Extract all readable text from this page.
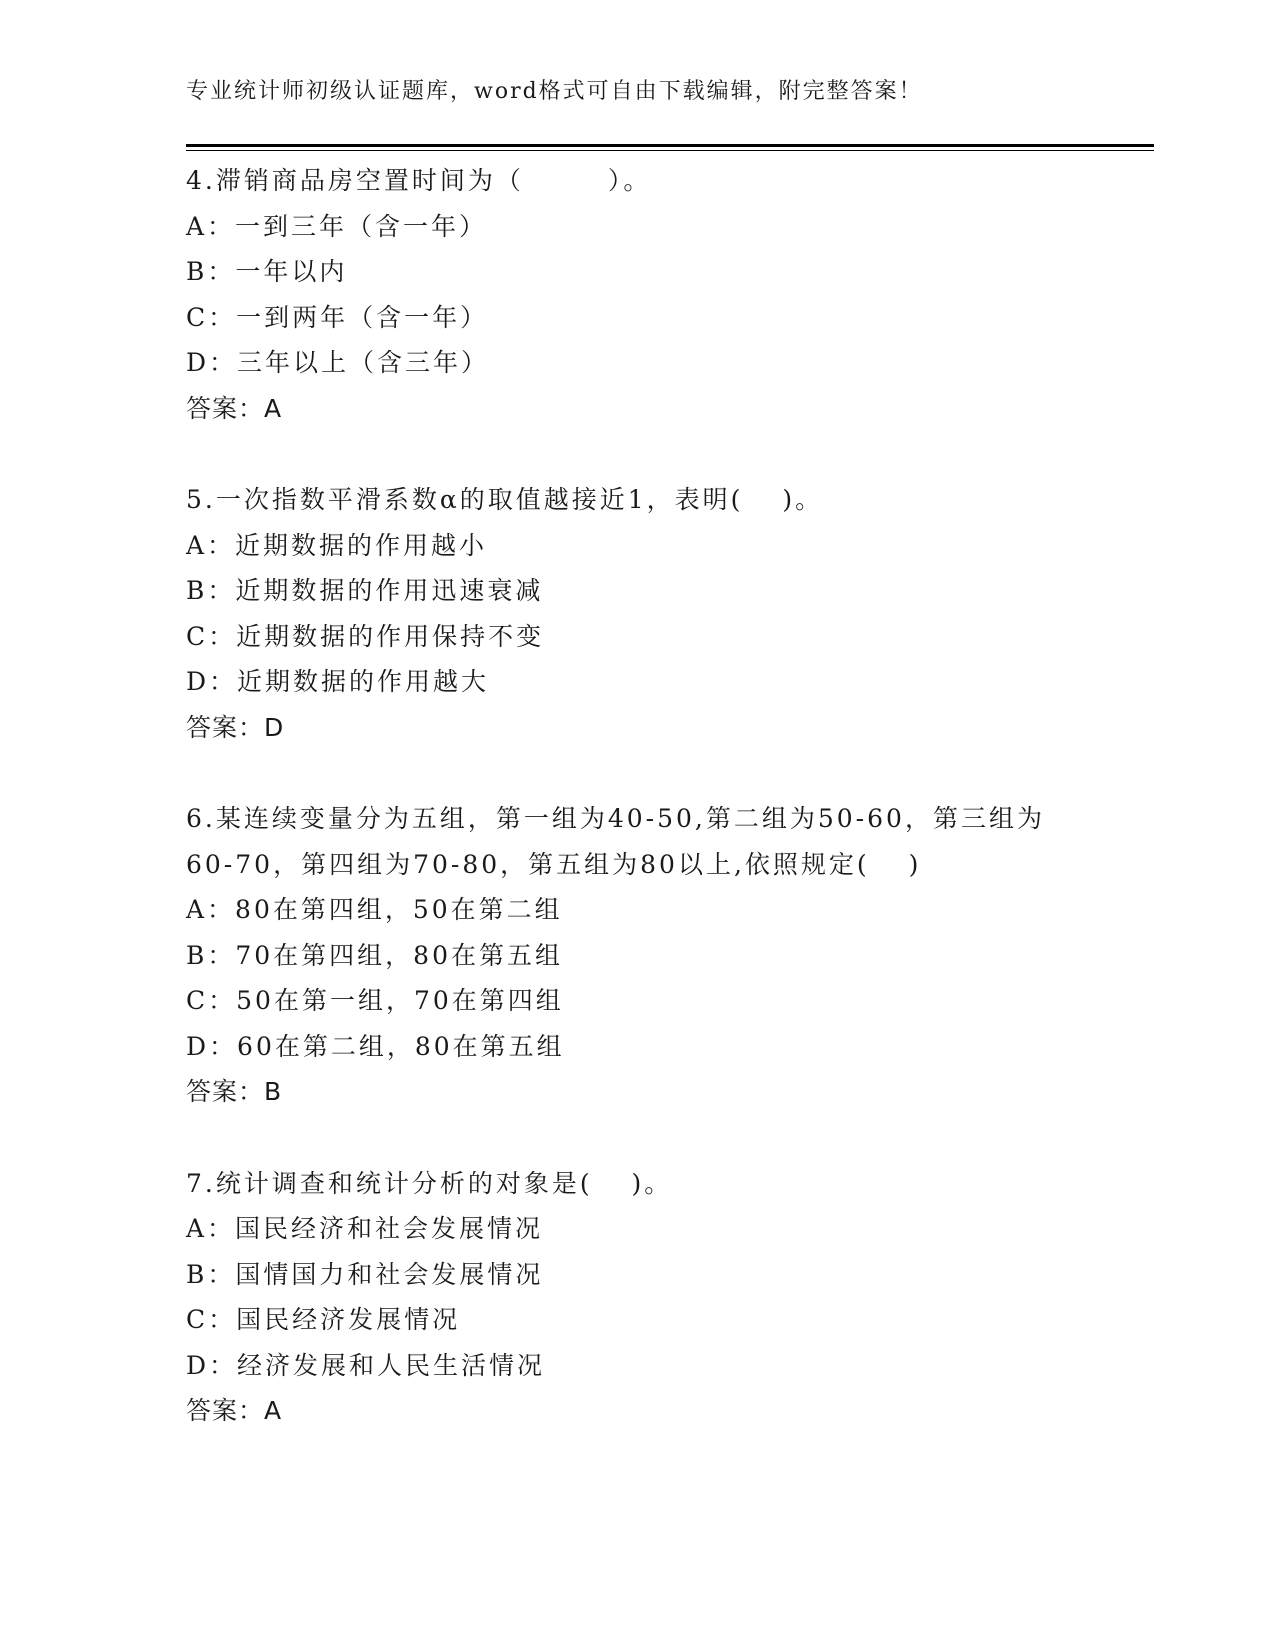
专业统计师初级认证题库，word格式可自由下载编辑，附完整答案！

4.滞销商品房空置时间为（　　　）。

A：一到三年（含一年）

B：一年以内

C：一到两年（含一年）

D：三年以上（含三年）

答案：A

5.一次指数平滑系数α的取值越接近1，表明(　 )。

A：近期数据的作用越小

B：近期数据的作用迅速衰减

C：近期数据的作用保持不变

D：近期数据的作用越大

答案：D

6.某连续变量分为五组，第一组为40-50,第二组为50-60，第三组为

60-70，第四组为70-80，第五组为80以上,依照规定(　 )

A：80在第四组，50在第二组

B：70在第四组，80在第五组

C：50在第一组，70在第四组

D：60在第二组，80在第五组

答案：B

7.统计调查和统计分析的对象是(　 )。

A：国民经济和社会发展情况

B：国情国力和社会发展情况

C：国民经济发展情况

D：经济发展和人民生活情况

答案：A
